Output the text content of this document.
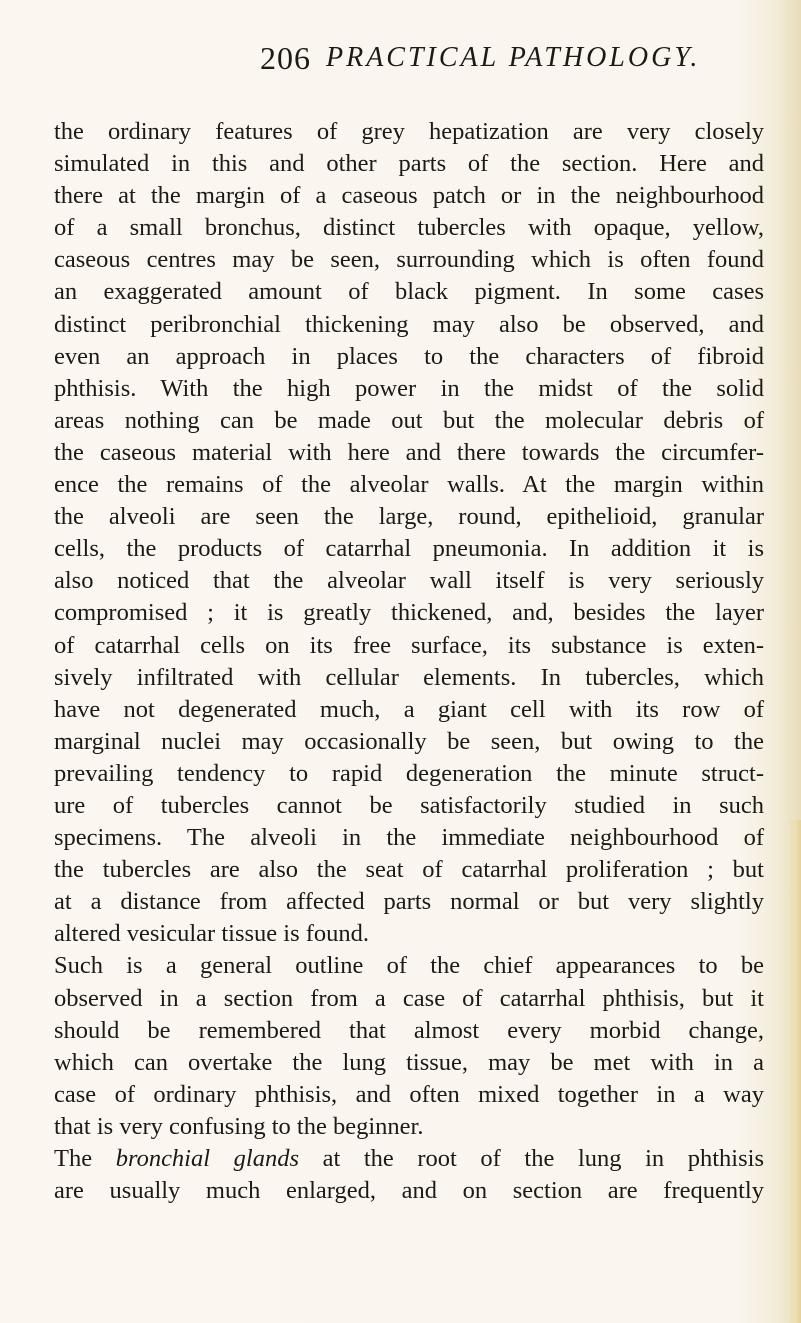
206 PRACTICAL PATHOLOGY.

the ordinary features of grey hepatization are very closely
simulated in this and other parts of the section. Here and
there at the margin of a caseous patch or in the neighbourhood
of a small bronchus, distinct tubercles with opaque, yellow,
caseous centres may be seen, surrounding which is often found
an exaggerated amount of black pigment. In some cases
distinct peribronchial thickening may also be observed, and
even an approach in places to the characters of fibroid
phthisis. With the high power in the midst of the solid
areas nothing can be made out but the molecular debris of
the caseous material with here and there towards the circumfer-
ence the remains of the alveolar walls. At the margin within
the alveoli are seen the large, round, epithelioid, granular
cells, the products of catarrhal pneumonia. In addition it is
also noticed that the alveolar wall itself is very seriously
compromised ; it is greatly thickened, and, besides the layer
of catarrhal cells on its free surface, its substance is exten-
sively infiltrated with cellular elements. In tubercles, which
have not degenerated much, a giant cell with its row of
marginal nuclei may occasionally be seen, but owing to the
prevailing tendency to rapid degeneration the minute struct-
ure of tubercles cannot be satisfactorily studied in such
specimens. The alveoli in the immediate neighbourhood of
the tubercles are also the seat of catarrhal proliferation ; but
at a distance from affected parts normal or but very slightly
altered vesicular tissue is found.

Such is a general outline of the chief appearances to be
observed in a section from a case of catarrhal phthisis, but it
should be remembered that almost every morbid change,
which can overtake the lung tissue, may be met with in a
case of ordinary phthisis, and often mixed together in a way
that is very confusing to the beginner.

The bronchial glands at the root of the lung in phthisis
are usually much enlarged, and on section are frequently
